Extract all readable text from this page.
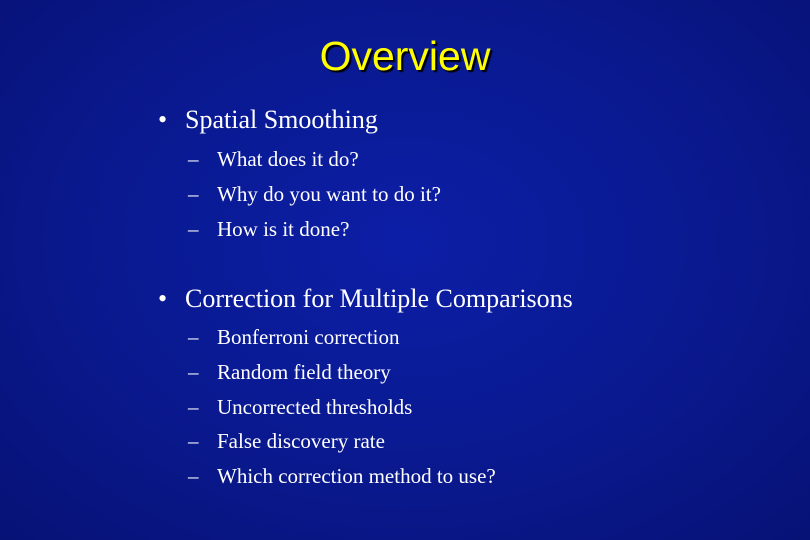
Overview
• Spatial Smoothing
– What does it do?
– Why do you want to do it?
– How is it done?
• Correction for Multiple Comparisons
– Bonferroni correction
– Random field theory
– Uncorrected thresholds
– False discovery rate
– Which correction method to use?
